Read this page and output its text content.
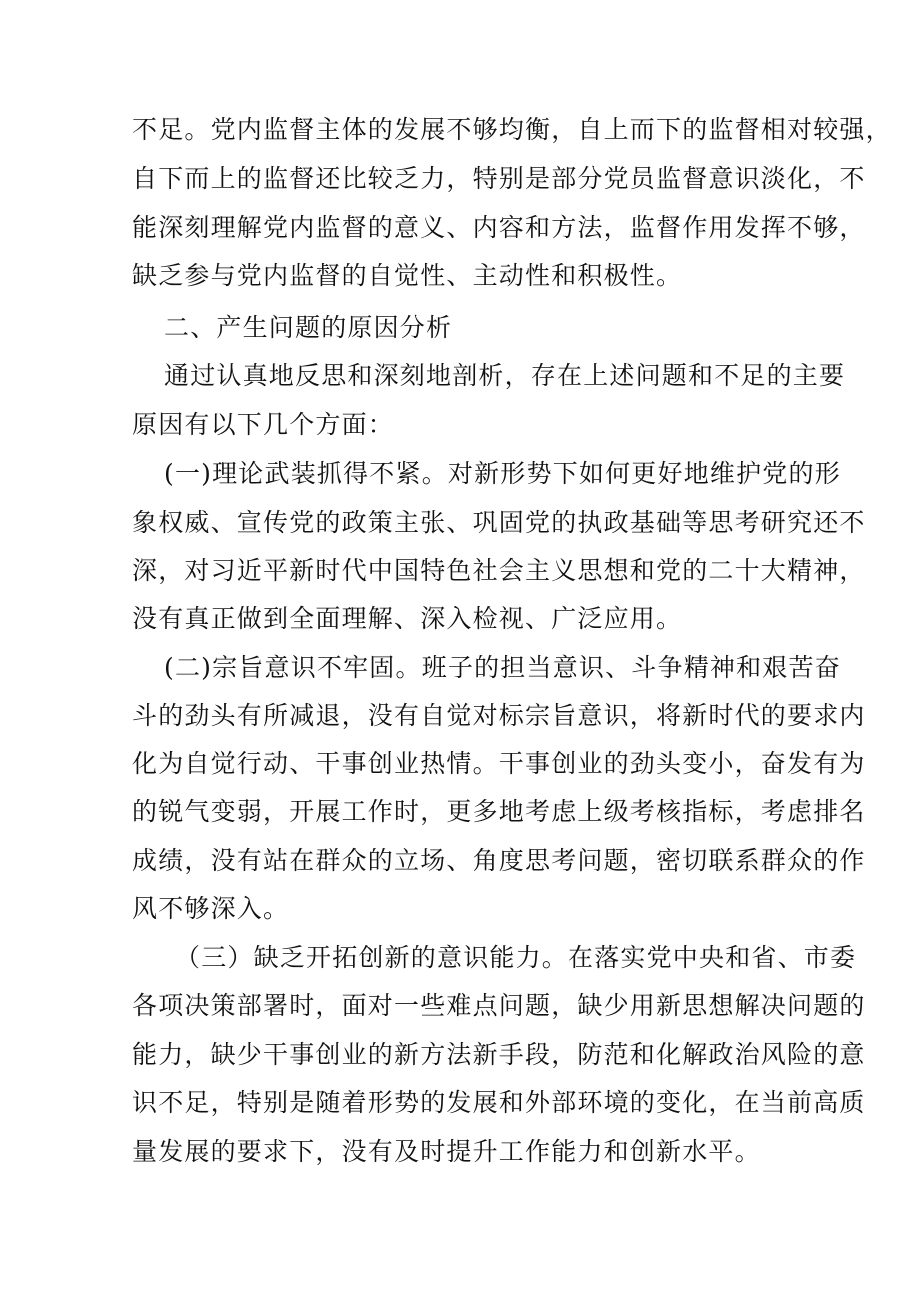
不足。党内监督主体的发展不够均衡，自上而下的监督相对较强，
自下而上的监督还比较乏力，特别是部分党员监督意识淡化，不
能深刻理解党内监督的意义、内容和方法，监督作用发挥不够，
缺乏参与党内监督的自觉性、主动性和积极性。
二、产生问题的原因分析
通过认真地反思和深刻地剖析，存在上述问题和不足的主要
原因有以下几个方面：
(一)理论武装抓得不紧。对新形势下如何更好地维护党的形
象权威、宣传党的政策主张、巩固党的执政基础等思考研究还不
深，对习近平新时代中国特色社会主义思想和党的二十大精神，
没有真正做到全面理解、深入检视、广泛应用。
(二)宗旨意识不牢固。班子的担当意识、斗争精神和艰苦奋
斗的劲头有所减退，没有自觉对标宗旨意识，将新时代的要求内
化为自觉行动、干事创业热情。干事创业的劲头变小，奋发有为
的锐气变弱，开展工作时，更多地考虑上级考核指标，考虑排名
成绩，没有站在群众的立场、角度思考问题，密切联系群众的作
风不够深入。
（三）缺乏开拓创新的意识能力。在落实党中央和省、市委
各项决策部署时，面对一些难点问题，缺少用新思想解决问题的
能力，缺少干事创业的新方法新手段，防范和化解政治风险的意
识不足，特别是随着形势的发展和外部环境的变化，在当前高质
量发展的要求下，没有及时提升工作能力和创新水平。
